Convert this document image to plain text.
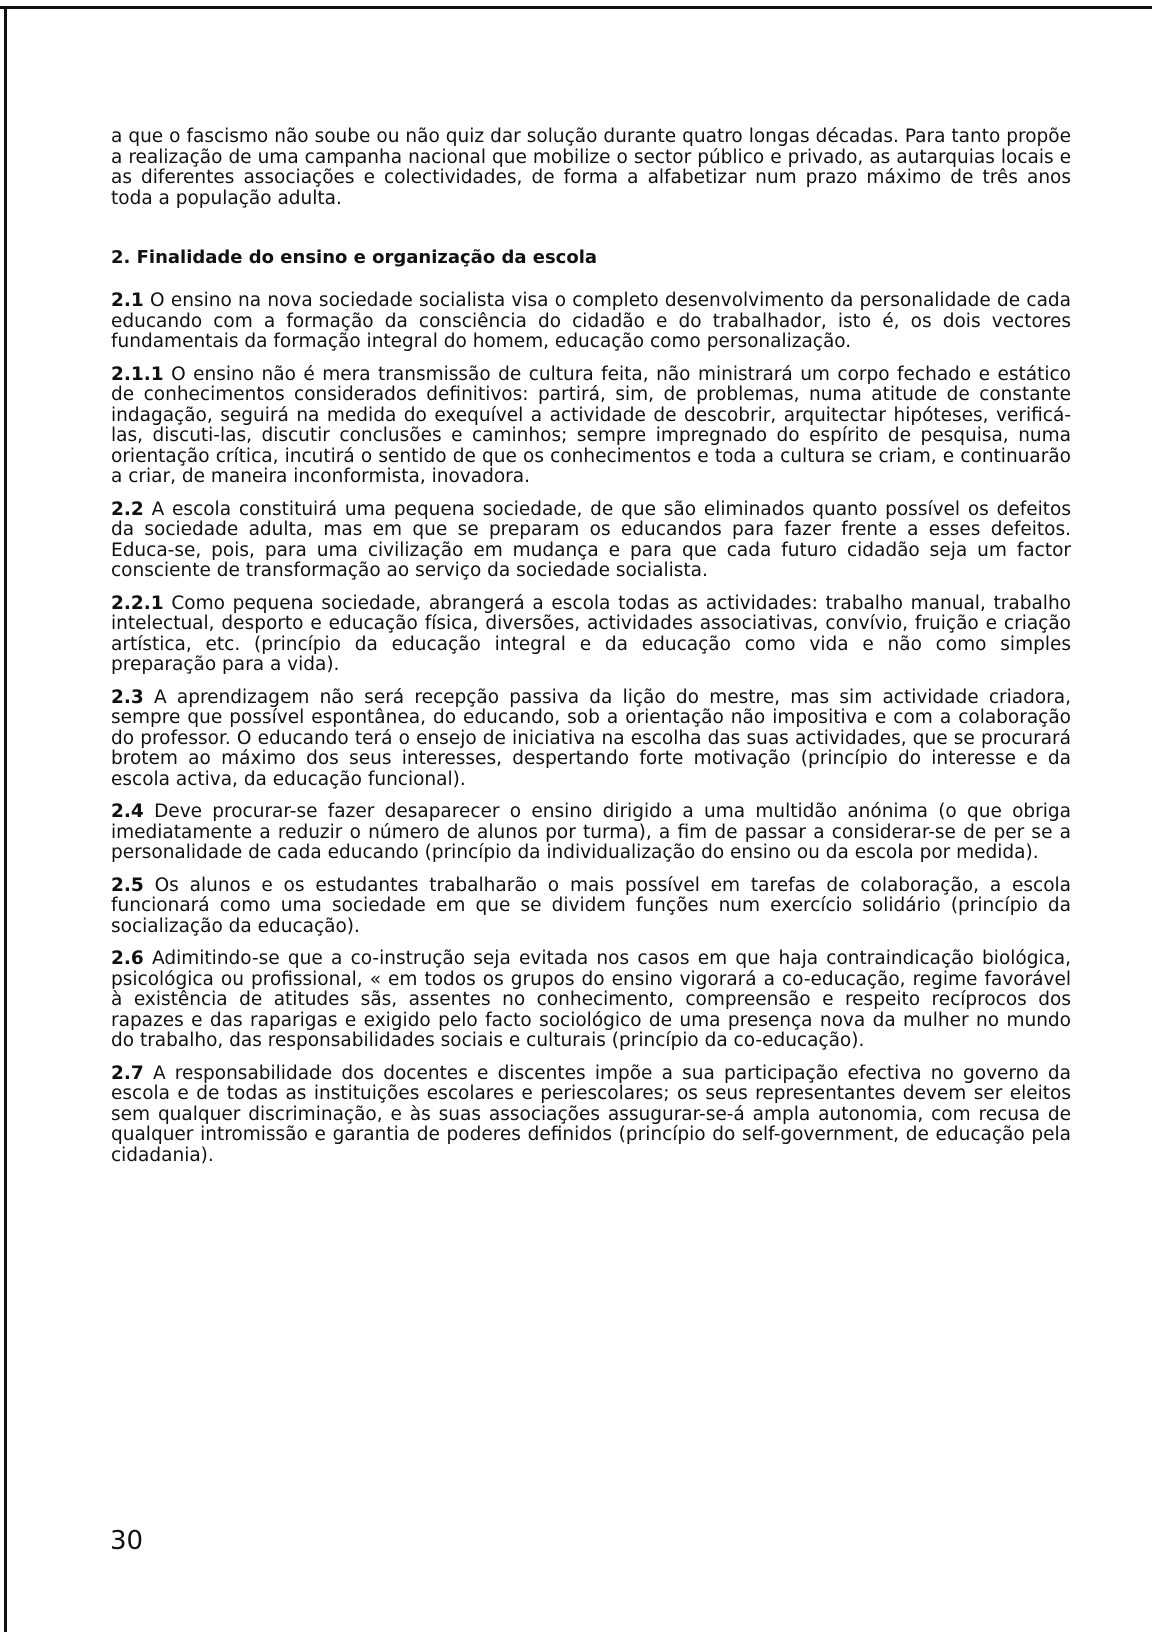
a que o fascismo não soube ou não quiz dar solução durante quatro longas décadas. Para tanto propõe a realização de uma campanha nacional que mobilize o sector público e privado, as autarquias locais e as diferentes associações e colectividades, de forma a alfabetizar num prazo máximo de três anos toda a população adulta.

2. Finalidade do ensino e organização da escola

2.1 O ensino na nova sociedade socialista visa o completo desenvolvimento da personalidade de cada educando com a formação da consciência do cidadão e do trabalhador, isto é, os dois vectores fundamentais da formação integral do homem, educação como personalização.

2.1.1 O ensino não é mera transmissão de cultura feita, não ministrará um corpo fechado e estático de conhecimentos considerados definitivos: partirá, sim, de problemas, numa atitude de constante indagação, seguirá na medida do exequível a actividade de descobrir, arquitectar hipóteses, verificá-las, discuti-las, discutir conclusões e caminhos; sempre impregnado do espírito de pesquisa, numa orientação crítica, incutirá o sentido de que os conhecimentos e toda a cultura se criam, e continuarão a criar, de maneira inconformista, inovadora.

2.2 A escola constituirá uma pequena sociedade, de que são eliminados quanto possível os defeitos da sociedade adulta, mas em que se preparam os educandos para fazer frente a esses defeitos. Educa-se, pois, para uma civilização em mudança e para que cada futuro cidadão seja um factor consciente de transformação ao serviço da sociedade socialista.

2.2.1 Como pequena sociedade, abrangerá a escola todas as actividades: trabalho manual, trabalho intelectual, desporto e educação física, diversões, actividades associativas, convívio, fruição e criação artística, etc. (princípio da educação integral e da educação como vida e não como simples preparação para a vida).

2.3 A aprendizagem não será recepção passiva da lição do mestre, mas sim actividade criadora, sempre que possível espontânea, do educando, sob a orientação não impositiva e com a colaboração do professor. O educando terá o ensejo de iniciativa na escolha das suas actividades, que se procurará brotem ao máximo dos seus interesses, despertando forte motivação (princípio do interesse e da escola activa, da educação funcional).

2.4 Deve procurar-se fazer desaparecer o ensino dirigido a uma multidão anónima (o que obriga imediatamente a reduzir o número de alunos por turma), a fim de passar a considerar-se de per se a personalidade de cada educando (princípio da individualização do ensino ou da escola por medida).

2.5 Os alunos e os estudantes trabalharão o mais possível em tarefas de colaboração, a escola funcionará como uma sociedade em que se dividem funções num exercício solidário (princípio da socialização da educação).

2.6 Adimitindo-se que a co-instrução seja evitada nos casos em que haja contraindicação biológica, psicológica ou profissional, « em todos os grupos do ensino vigorará a co-educação, regime favorável à existência de atitudes sãs, assentes no conhecimento, compreensão e respeito recíprocos dos rapazes e das raparigas e exigido pelo facto sociológico de uma presença nova da mulher no mundo do trabalho, das responsabilidades sociais e culturais (princípio da co-educação).

2.7 A responsabilidade dos docentes e discentes impõe a sua participação efectiva no governo da escola e de todas as instituições escolares e periescolares; os seus representantes devem ser eleitos sem qualquer discriminação, e às suas associações assugurar-se-á ampla autonomia, com recusa de qualquer intromissão e garantia de poderes definidos (princípio do self-government, de educação pela cidadania).

30
